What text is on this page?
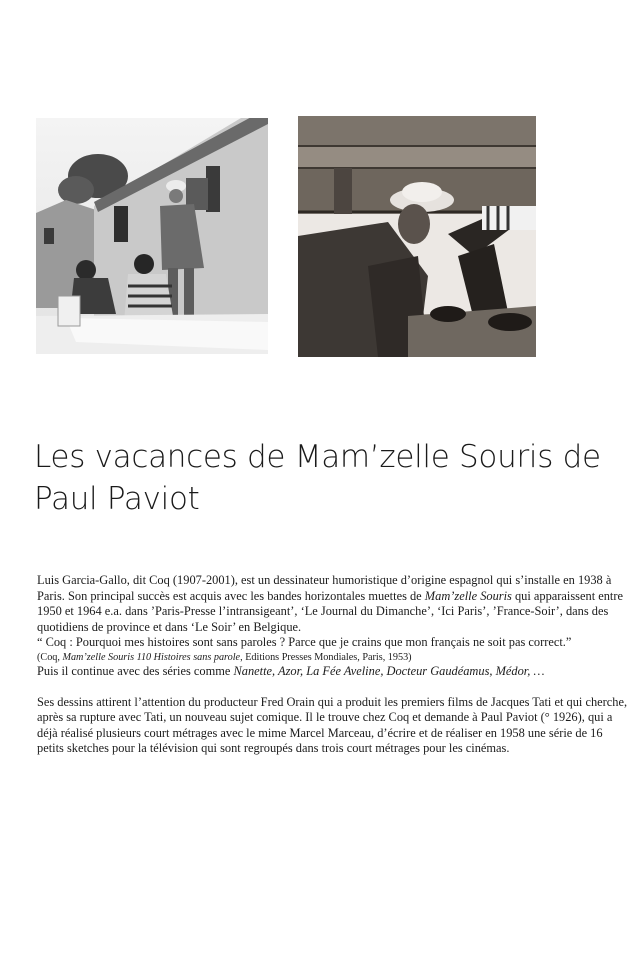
Les vacances de Mam’zelle Souris de
Paul Paviot

Luis Garcia-Gallo, dit Coq (1907-2001), est un dessinateur humoristique d’origine espagnol qui s’installe en 1938 à Paris. Son principal succès est acquis avec les bandes horizontales muettes de Mam’zelle Souris qui apparaissent entre 1950 et 1964 e.a. dans ’Paris-Presse l’intransigeant’, ‘Le Journal du Dimanche’, ‘Ici Paris’, ’France-Soir’, dans des quotidiens de province et dans ‘Le Soir’ en Belgique.

“ Coq : Pourquoi mes histoires sont sans paroles ? Parce que je crains que mon français ne soit pas correct.”

(Coq, Mam’zelle Souris 110 Histoires sans parole, Editions Presses Mondiales, Paris, 1953)

Puis il continue avec des séries comme Nanette, Azor, La Fée Aveline, Docteur Gaudéamus, Médor, …

Ses dessins attirent l’attention du producteur Fred Orain qui a produit les premiers films de Jacques Tati et qui cherche, après sa rupture avec Tati, un nouveau sujet comique. Il le trouve chez Coq et demande à Paul Paviot (° 1926), qui a déjà réalisé plusieurs court métrages avec le mime Marcel Marceau, d’écrire et de réaliser en 1958 une série de 16 petits sketches pour la télévision qui sont regroupés dans trois court métrages pour les cinémas.
